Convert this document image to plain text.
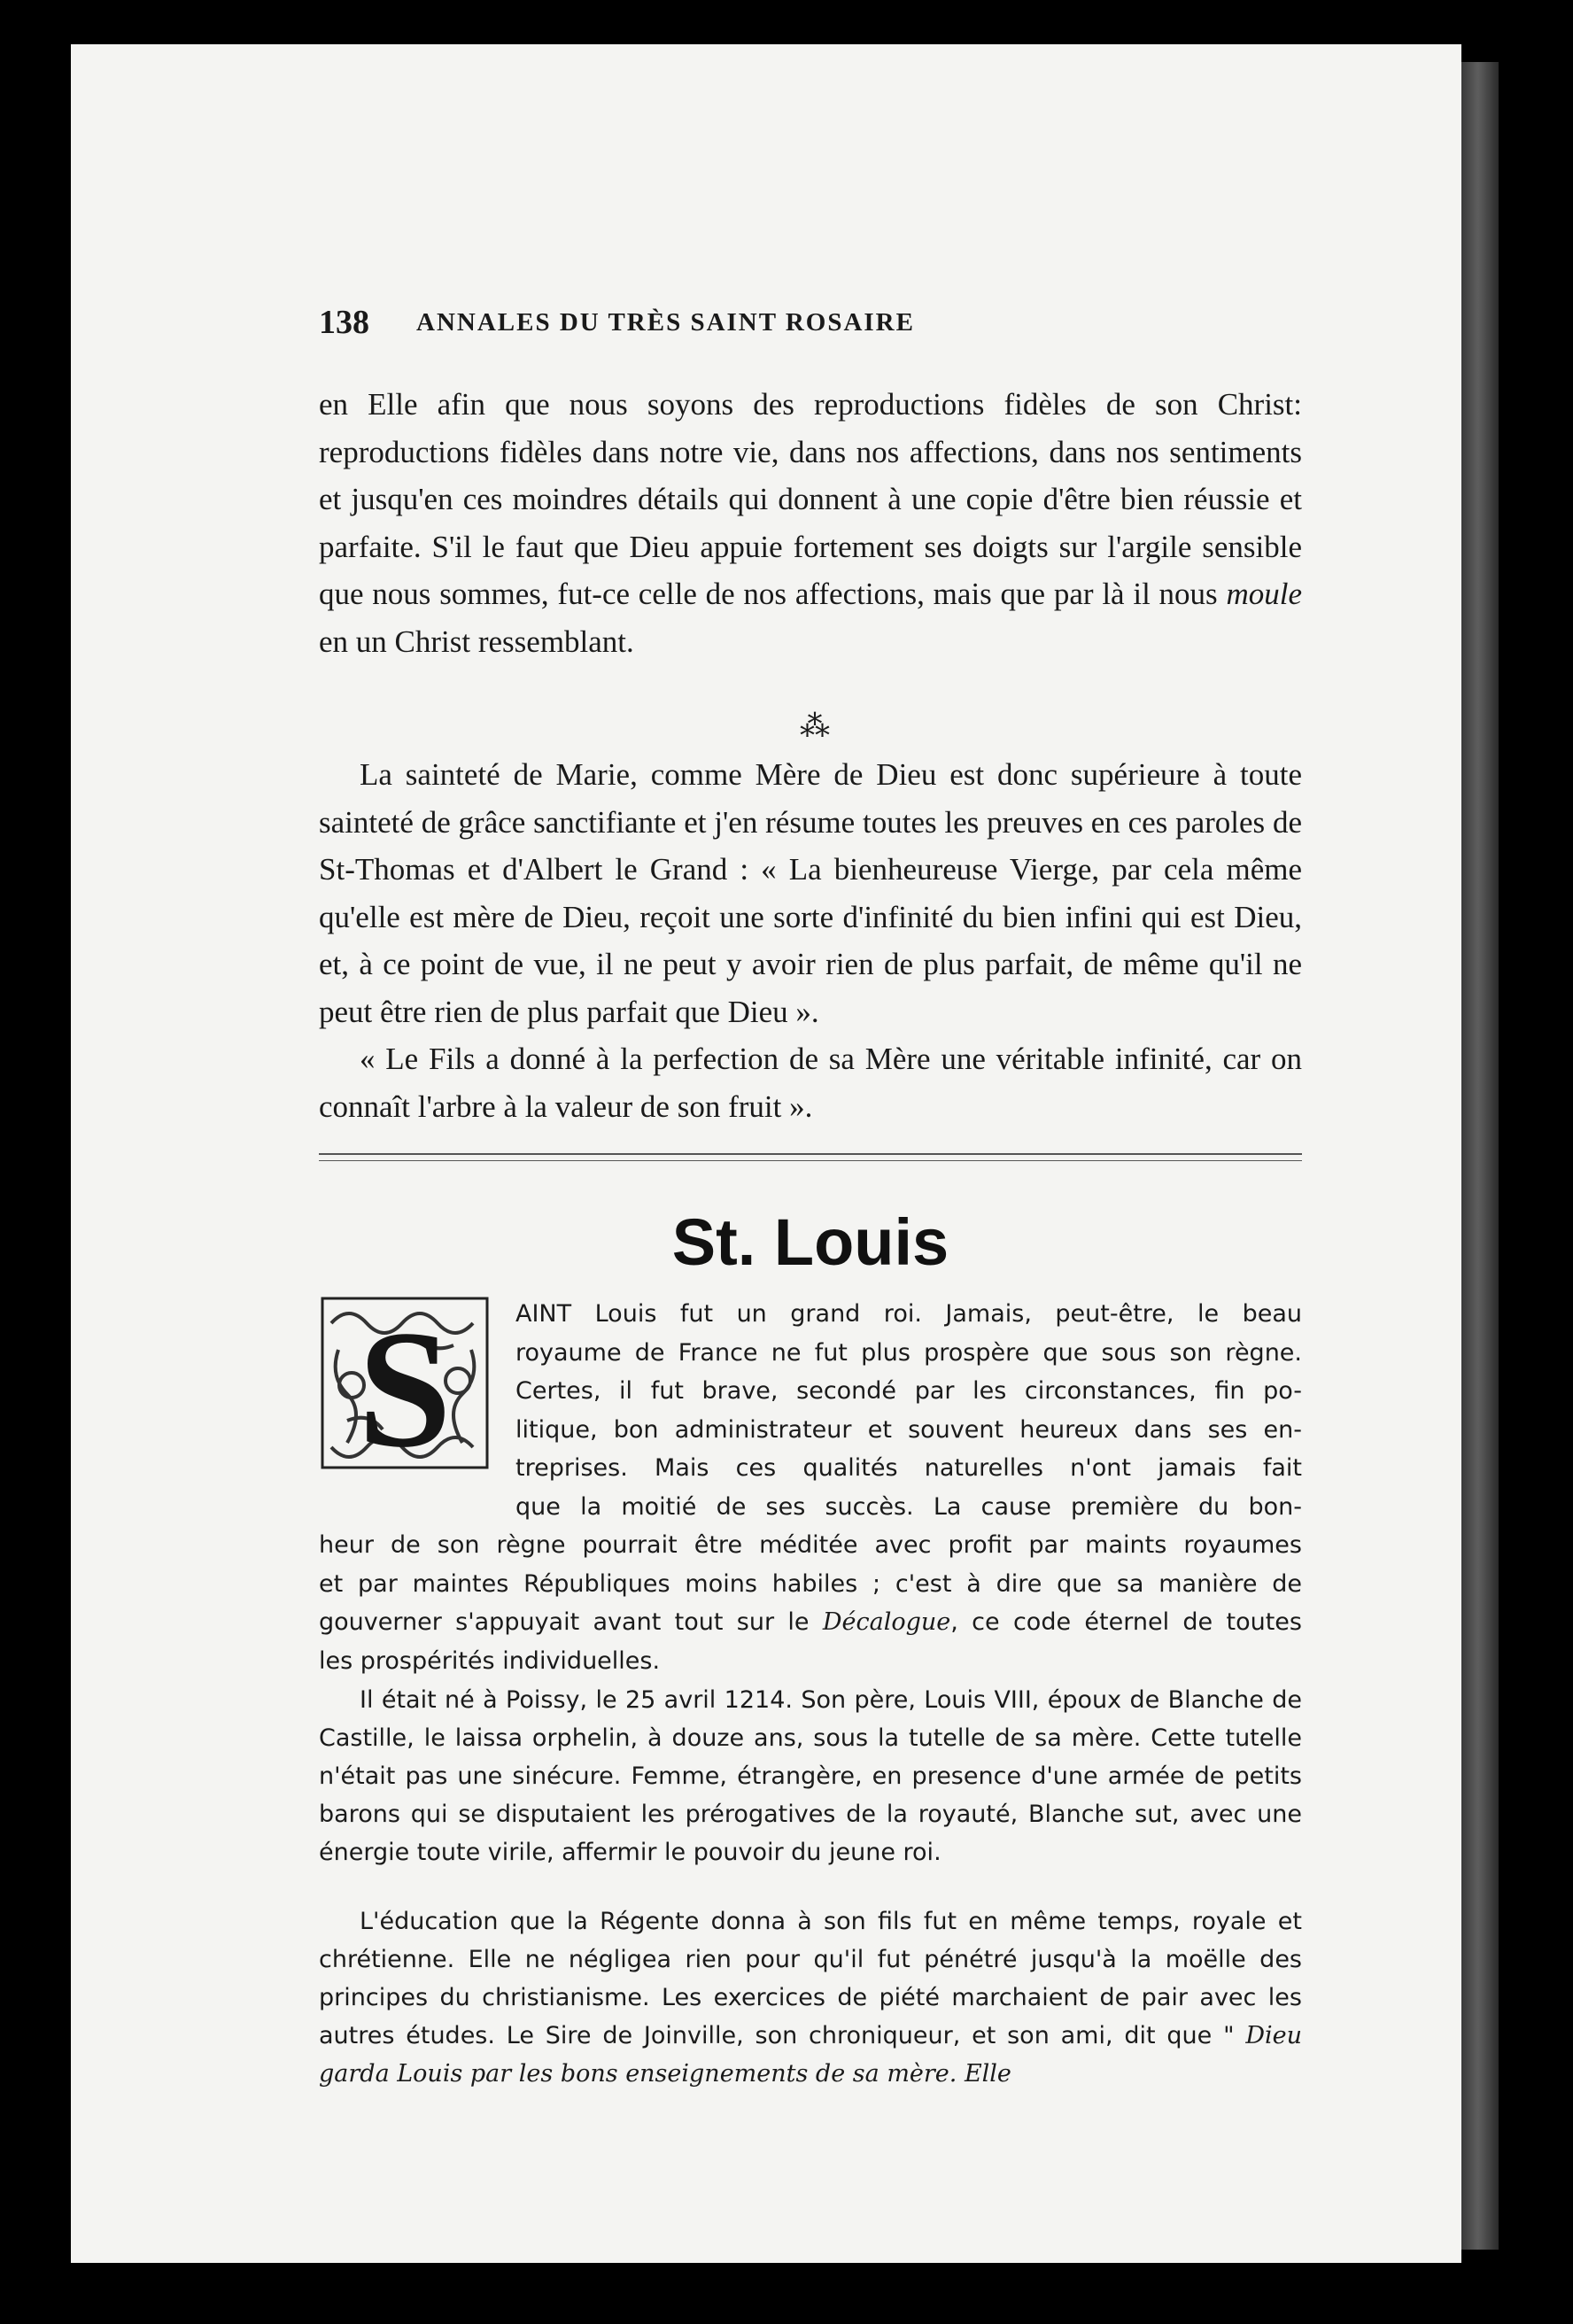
138 ANNALES DU TRÈS SAINT ROSAIRE

en Elle afin que nous soyons des reproductions fidèles de son Christ: reproductions fidèles dans notre vie, dans nos affections, dans nos sentiments et jusqu'en ces moindres détails qui donnent à une copie d'être bien réussie et parfaite. S'il le faut que Dieu appuie fortement ses doigts sur l'argile sensible que nous sommes, fut-ce celle de nos affections, mais que par là il nous moule en un Christ ressemblant.

⁂

La sainteté de Marie, comme Mère de Dieu est donc supérieure à toute sainteté de grâce sanctifiante et j'en résume toutes les preuves en ces paroles de St-Thomas et d'Albert le Grand : « La bienheureuse Vierge, par cela même qu'elle est mère de Dieu, reçoit une sorte d'infinité du bien infini qui est Dieu, et, à ce point de vue, il ne peut y avoir rien de plus parfait, de même qu'il ne peut être rien de plus parfait que Dieu ».

« Le Fils a donné à la perfection de sa Mère une véritable infinité, car on connaît l'arbre à la valeur de son fruit ».

St. Louis
S	AINT Louis fut un grand roi. Jamais, peut-être, le beau
royaume de France ne fut plus prospère que sous son règne.
Certes, il fut brave, secondé par les circonstances, fin po-
litique, bon administrateur et souvent heureux dans ses en-
treprises. Mais ces qualités naturelles n'ont jamais fait
que la moitié de ses succès. La cause première du bon-
heur de son règne pourrait être méditée avec profit par maints royaumes
et par maintes Républiques moins habiles ; c'est à dire que sa manière de
gouverner s'appuyait avant tout sur le Décalogue, ce code éternel de toutes
les prospérités individuelles.

Il était né à Poissy, le 25 avril 1214. Son père, Louis VIII, époux de Blanche de Castille, le laissa orphelin, à douze ans, sous la tutelle de sa mère. Cette tutelle n'était pas une sinécure. Femme, étrangère, en presence d'une armée de petits barons qui se disputaient les prérogatives de la royauté, Blanche sut, avec une énergie toute virile, affermir le pouvoir du jeune roi.

L'éducation que la Régente donna à son fils fut en même temps, royale et chrétienne. Elle ne négligea rien pour qu'il fut pénétré jusqu'à la moëlle des principes du christianisme. Les exercices de piété marchaient de pair avec les autres études. Le Sire de Joinville, son chroniqueur, et son ami, dit que " Dieu garda Louis par les bons enseignements de sa mère. Elle
